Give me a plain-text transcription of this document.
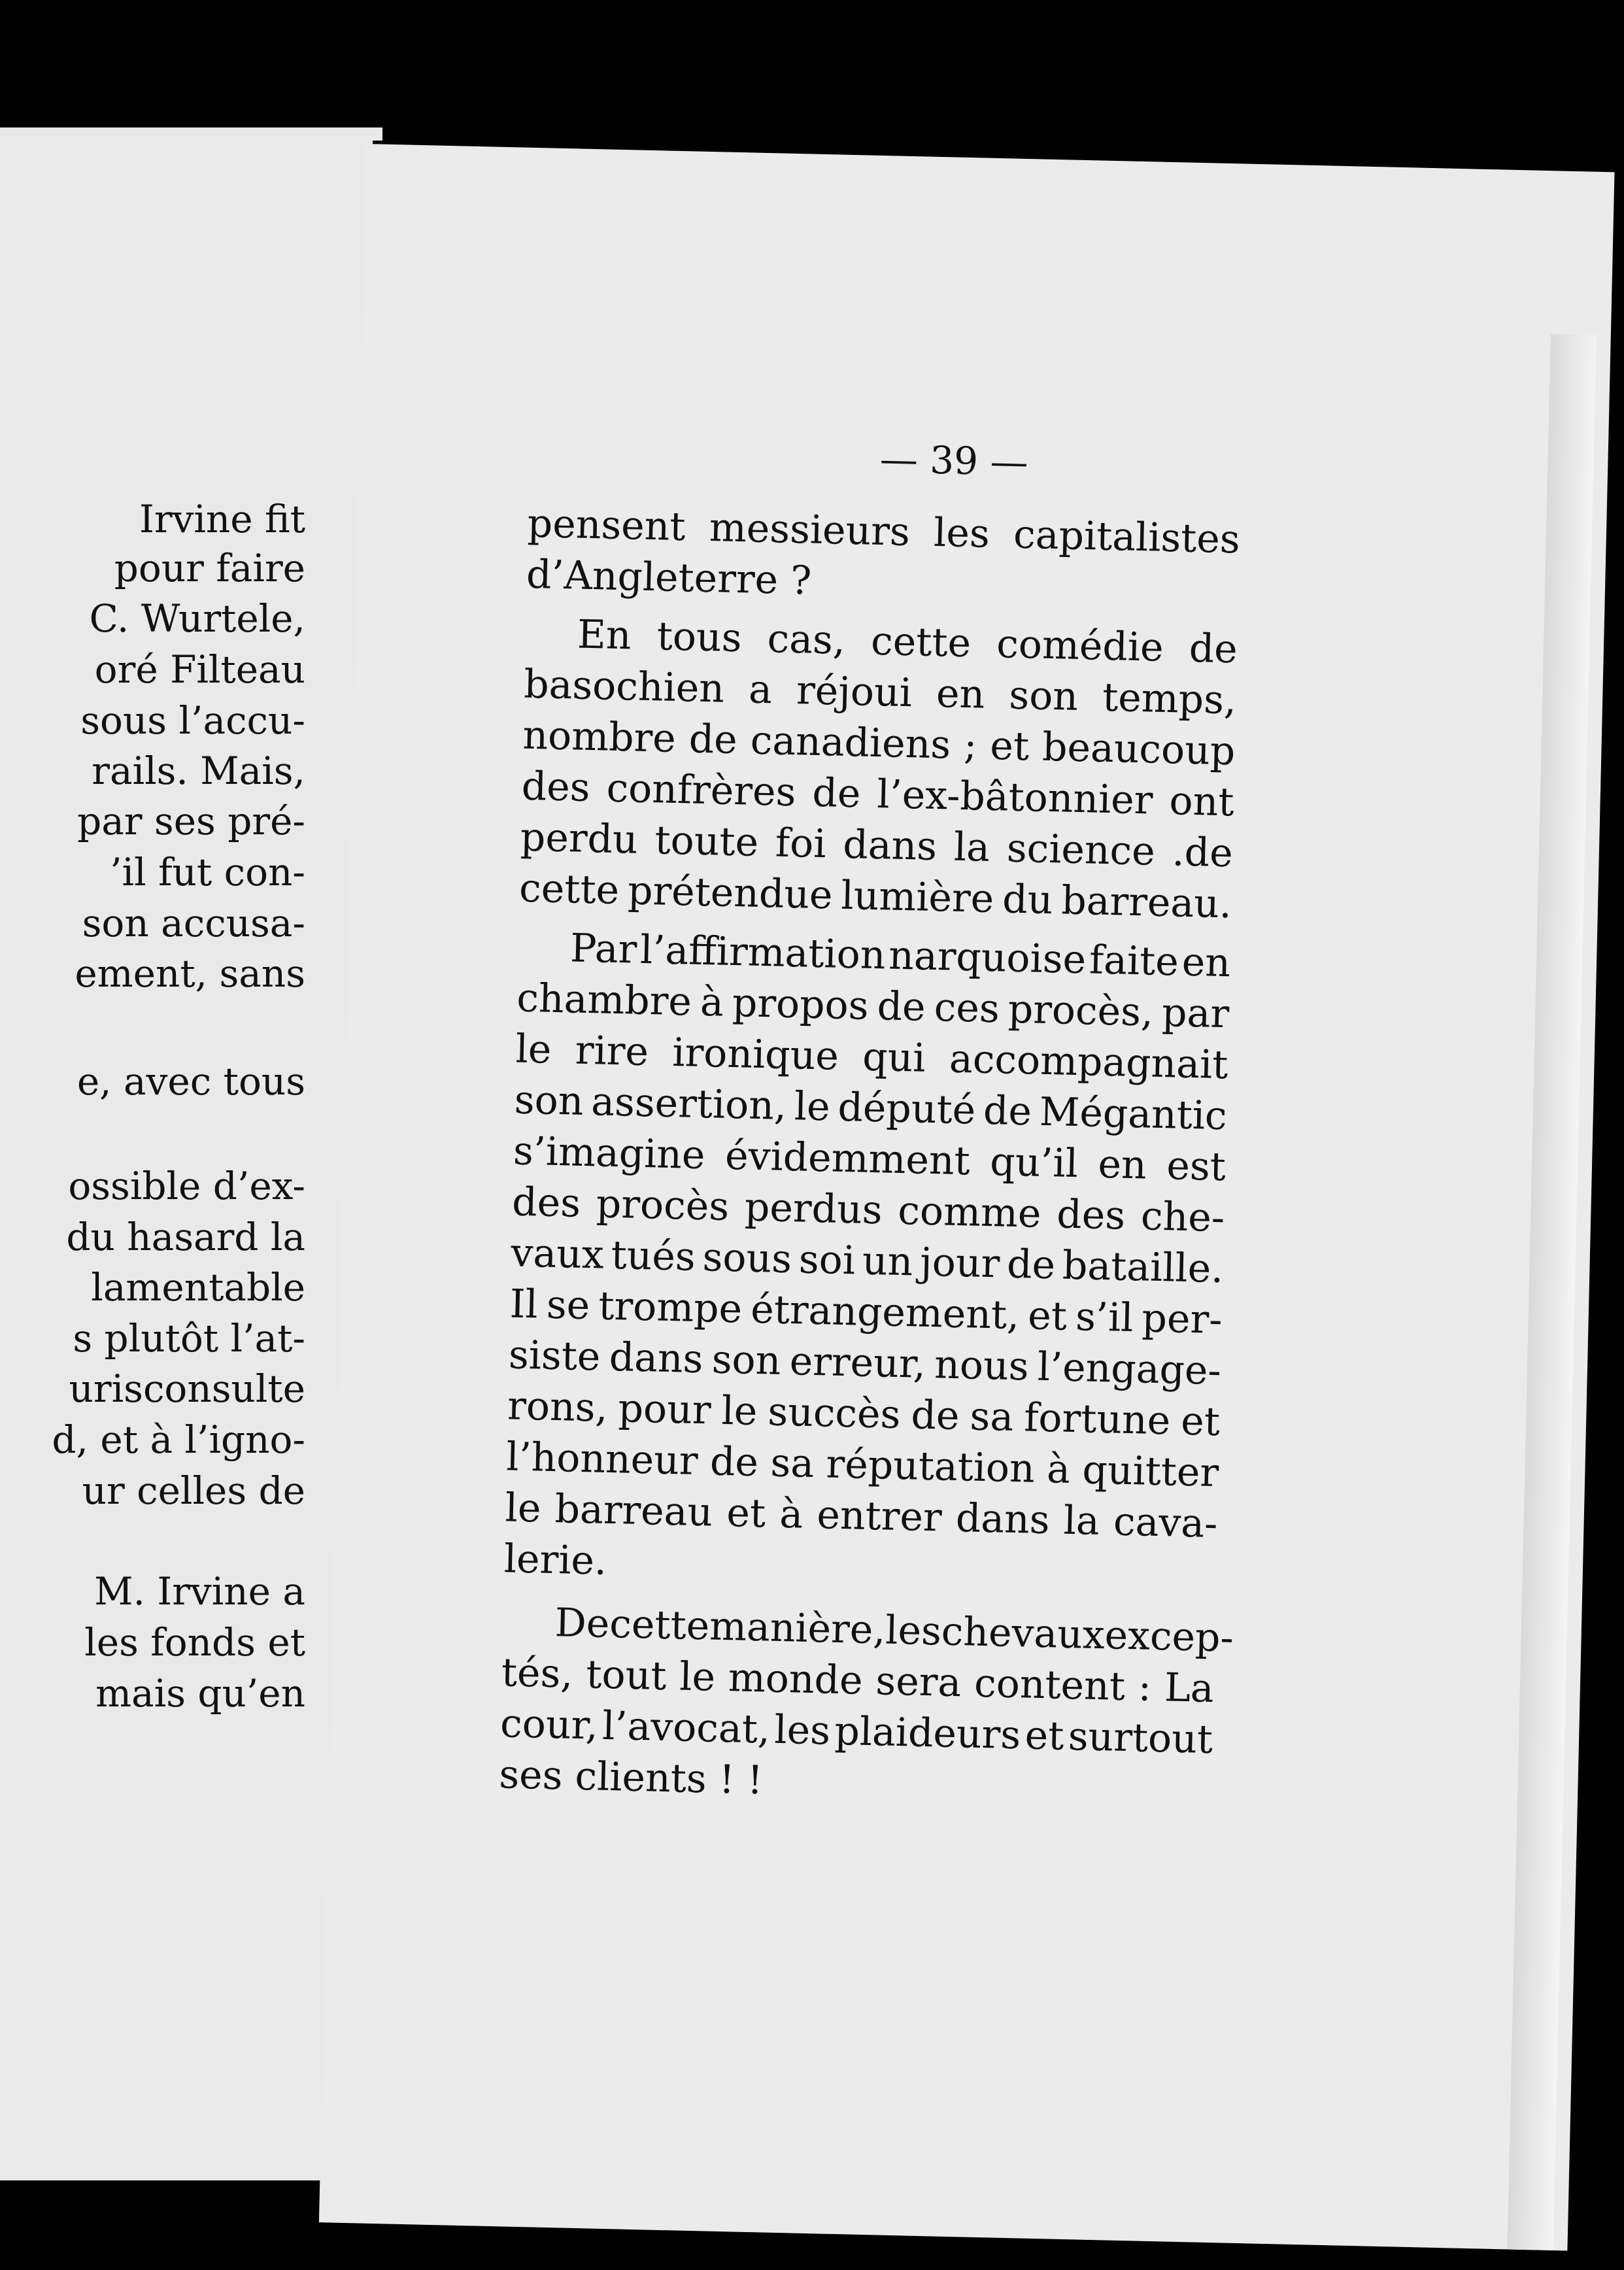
Irvine fit
pour faire
C. Wurtele,
oré Filteau
sous l’accu-
rails. Mais,
par ses pré-
’il fut con-
son accusa-
ement, sans
e, avec tous
ossible d’ex-
du hasard la
lamentable
s plutôt l’at-
urisconsulte
d, et à l’igno-
ur celles de
M. Irvine a
les fonds et
mais qu’en
— 39 —
pensent messieurs les capitalistes
d’Angleterre ?
En tous cas, cette comédie de
basochien a réjoui en son temps,
nombre de canadiens ; et beaucoup
des confrères de l’ex-bâtonnier ont
perdu toute foi dans la science .de
cette prétendue lumière du barreau.
Par l’affirmation narquoise faite en
chambre à propos de ces procès, par
le rire ironique qui accompagnait
son assertion, le député de Mégantic
s’imagine évidemment qu’il en est
des procès perdus comme des che-
vaux tués sous soi un jour de bataille.
Il se trompe étrangement, et s’il per-
siste dans son erreur, nous l’engage-
rons, pour le succès de sa fortune et
l’honneur de sa réputation à quitter
le barreau et à entrer dans la cava-
lerie.
De
cette
manière,
les
chevaux
excep-
tés, tout le monde sera content : La
cour, l’avocat, les plaideurs et surtout
ses clients ! !
